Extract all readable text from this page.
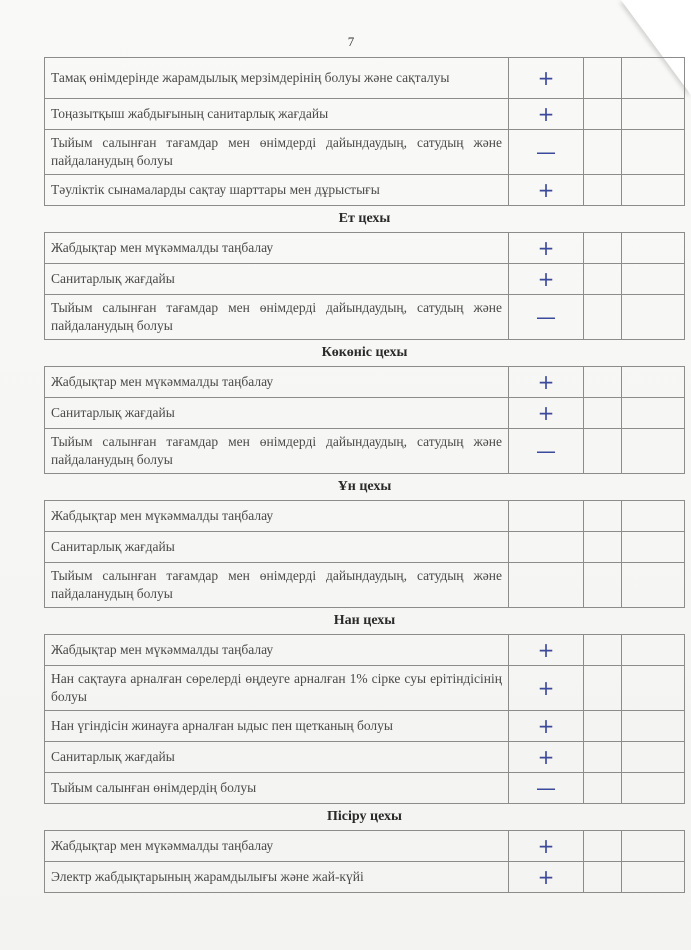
7
Тамақ өнімдерінде жарамдылық мерзімдерінің болуы және сақталуы	+		
Тоңазытқыш жабдығының санитарлық жағдайы	+		
Тыйым салынған тағамдар мен өнімдерді дайындаудың, сатудың және пайдаланудың болуы	—		
Тәуліктік сынамаларды сақтау шарттары мен дұрыстығы	+		
Ет цехы			
Жабдықтар мен мүкәммалды таңбалау	+		
Санитарлық жағдайы	+		
Тыйым салынған тағамдар мен өнімдерді дайындаудың, сатудың және пайдаланудың болуы	—		
Көкөніс цехы			
Жабдықтар мен мүкәммалды таңбалау	+		
Санитарлық жағдайы	+		
Тыйым салынған тағамдар мен өнімдерді дайындаудың, сатудың және пайдаланудың болуы	—		
Ұн цехы			
Жабдықтар мен мүкәммалды таңбалау			
Санитарлық жағдайы			
Тыйым салынған тағамдар мен өнімдерді дайындаудың, сатудың және пайдаланудың болуы			
Нан цехы			
Жабдықтар мен мүкәммалды таңбалау	+		
Нан сақтауға арналған сөрелерді өңдеуге арналған 1% сірке суы ерітіндісінің болуы	+		
Нан үгіндісін жинауға арналған ыдыс пен щетканың болуы	+		
Санитарлық жағдайы	+		
Тыйым салынған өнімдердің болуы	—		
Пісіру цехы			
Жабдықтар мен мүкәммалды таңбалау	+		
Электр жабдықтарының жарамдылығы және жай-күйі	+		
